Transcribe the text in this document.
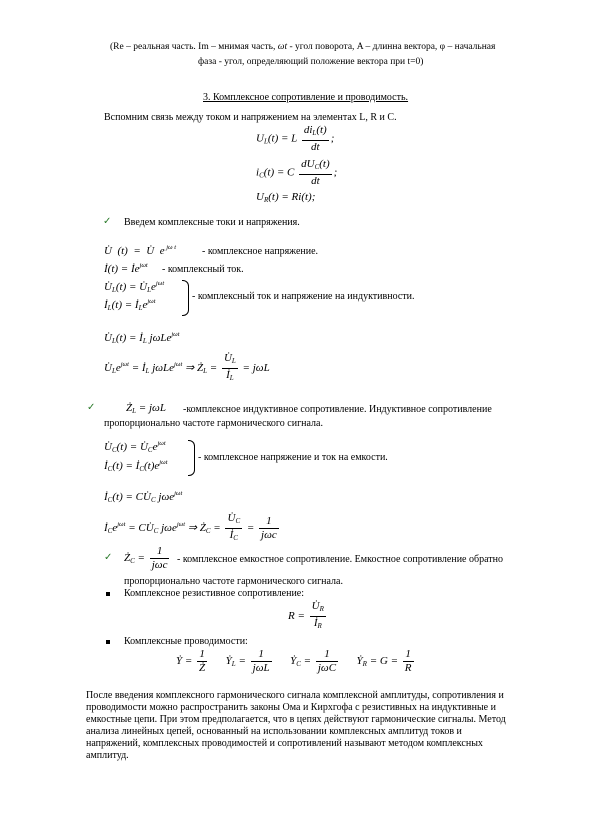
(Re – реальная часть. Im – мнимая часть, ωt - угол поворота, A – длинна вектора, φ – начальная
фаза - угол, определяющий положение вектора при t=0)
3. Комплексное сопротивление и проводимость.
Вспомним связь между током и напряжением на элементах L, R и C.
$U_L(t) = L \frac{di_L(t)}{dt}$ ;
$i_C(t) = C \frac{dU_C(t)}{dt}$ ;
$U_R(t) = Ri(t)$;
✓ Введем комплексные токи и напряжения.
U̇  (t)  =  U̇  e $^{j\omega t}$	- комплексное напряжение.
İ(t) = $İe^{j\omega t}$ - комплексный ток.
$U̇_L(t)$ = $U̇_Le^{j\omega t}$
$İ_L(t)$ = $İ_Le^{j\omega t}$	- комплексный ток и напряжение на индуктивности.
$U̇_L(t)$ = $İ_L$ jωLe$^{j\omega t}$
$U̇_Le^{j\omega t}$ = $İ_L$ jωLe$^{j\omega t}$ ⇒ $Ż_L = \frac{U̇_L}{İ_L} = j\omega L$
✓	$Ż_L = j\omega L$ -комплексное индуктивное сопротивление. Индуктивное сопротивление
пропорционально частоте гармонического сигнала.
$U̇_C(t)$ = $U̇_Ce^{j\omega t}$
$İ_C(t)$ = $İ_C(t)e^{j\omega t}$	- комплексное напряжение и ток на емкости.
$İ_C(t)$ = $CU̇_C$ jωe$^{j\omega t}$
$İ_Ce^{j\omega t}$ = $CU̇_C$ jωe$^{j\omega t}$ ⇒ $Ż_C = \frac{U̇_C}{İ_C} = \frac{1}{\text{jωc}}$
✓ $Ż_C = \frac{1}{\text{jωc}}$ - комплексное емкостное сопротивление. Емкостное сопротивление обратно
пропорционально частоте гармонического сигнала.
Комплексное резистивное сопротивление:
$R = \frac{U̇_R}{İ_R}$
Комплексные проводимости:
Ẏ = $\frac{1}{Ż}$ Ẏ$_L$ = $\frac{1}{\text{jωL}}$ Ẏ$_C$ = $\frac{1}{\text{jωC}}$ Ẏ$_R$ = $G = \frac{1}{R}$
После введения комплексного гармонического сигнала комплексной амплитуды, сопротивления и проводимости можно распространить законы Ома и Кирхгофа с резистивных на индуктивные и емкостные цепи. При этом предполагается, что в цепях действуют гармонические сигналы. Метод анализа линейных цепей, основанный на использовании комплексных амплитуд токов и напряжений, комплексных проводимостей и сопротивлений называют методом комплексных амплитуд.
